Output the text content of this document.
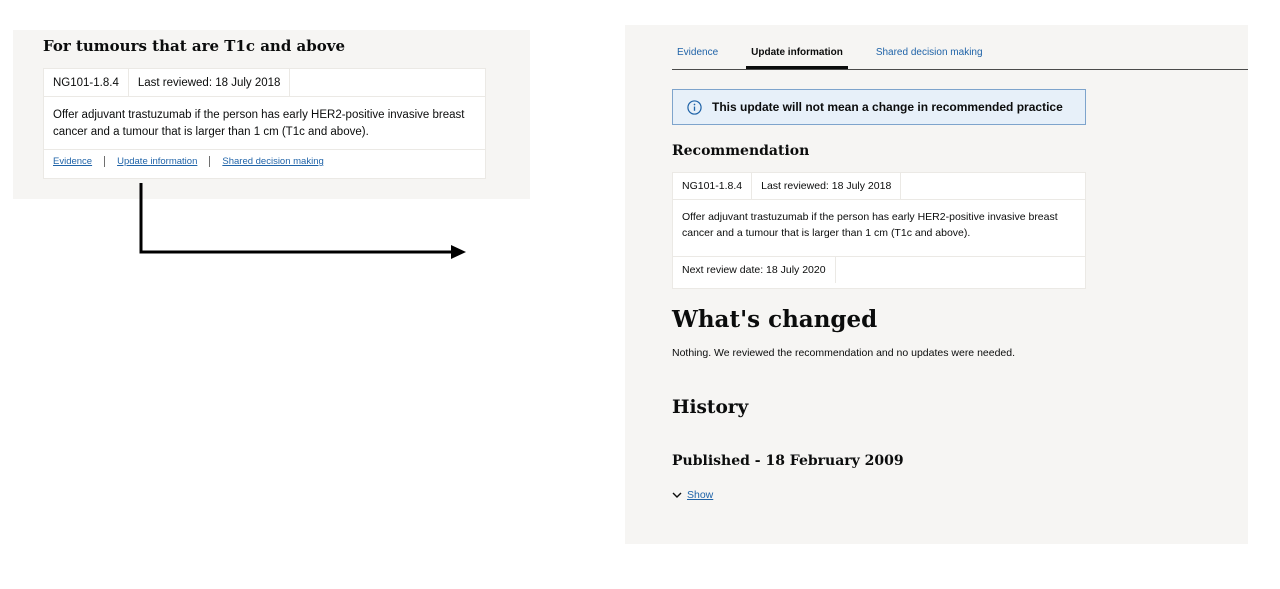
For tumours that are T1c and above
NG101-1.8.4	Last reviewed: 18 July 2018
Offer adjuvant trastuzumab if the person has early HER2-positive invasive breast cancer and a tumour that is larger than 1 cm (T1c and above).
Evidence	Update information	Shared decision making
Evidence	Update information	Shared decision making
This update will not mean a change in recommended practice
Recommendation
NG101-1.8.4	Last reviewed: 18 July 2018
Offer adjuvant trastuzumab if the person has early HER2-positive invasive breast cancer and a tumour that is larger than 1 cm (T1c and above).
Next review date: 18 July 2020
What's changed

Nothing. We reviewed the recommendation and no updates were needed.

History
Published - 18 February 2009
Show
